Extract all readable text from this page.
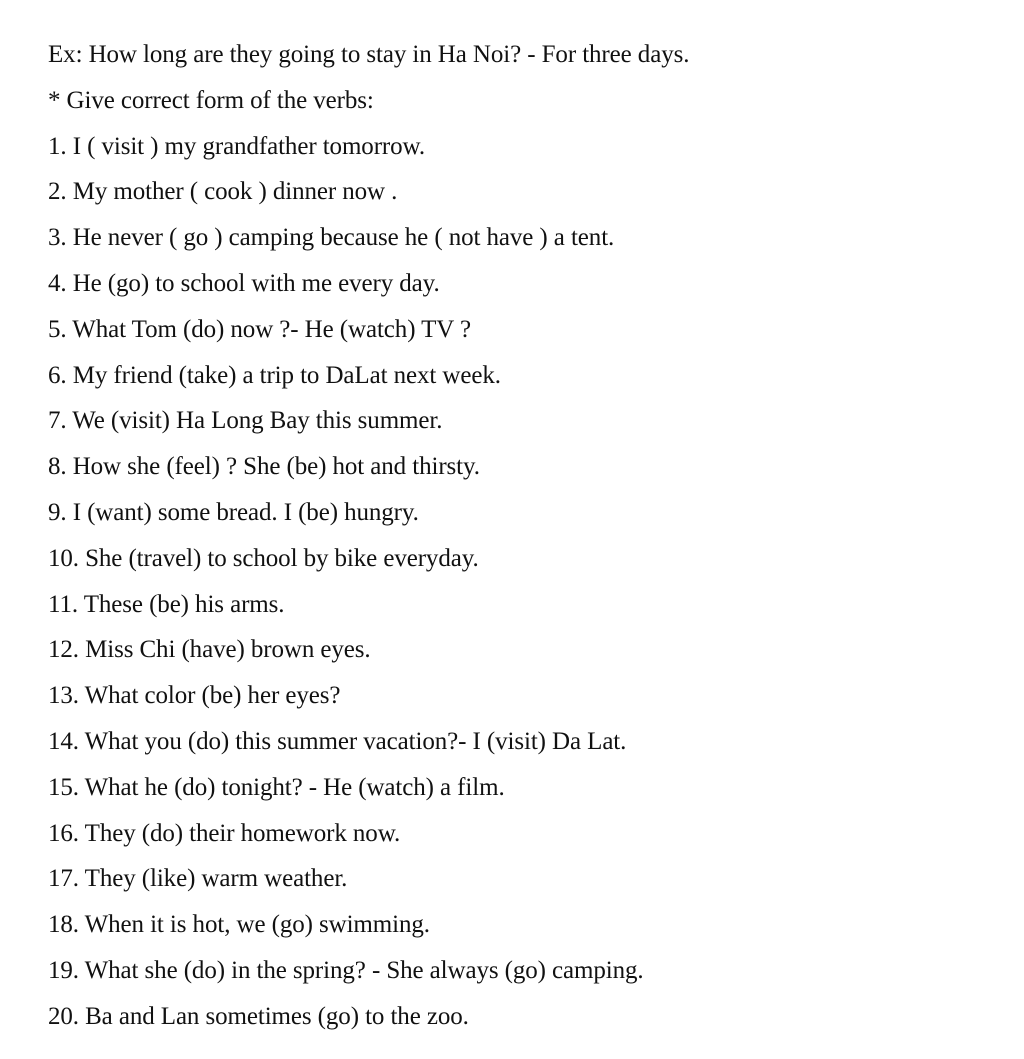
Ex: How long are they going to stay in Ha Noi? - For three days.
* Give correct form of the verbs:
1. I ( visit ) my grandfather tomorrow.
2. My mother ( cook ) dinner now .
3. He never ( go ) camping because he ( not have ) a tent.
4. He (go) to school with me every day.
5. What Tom (do) now ?- He (watch) TV ?
6. My friend (take) a trip to DaLat next week.
7. We (visit) Ha Long Bay this summer.
8. How she (feel) ? She (be) hot and thirsty.
9. I (want) some bread. I (be) hungry.
10. She (travel) to school by bike everyday.
11. These (be) his arms.
12. Miss Chi (have) brown eyes.
13. What color (be) her eyes?
14. What you (do) this summer vacation?- I (visit) Da Lat.
15. What he (do) tonight? - He (watch) a film.
16. They (do) their homework now.
17. They (like) warm weather.
18. When it is hot, we (go) swimming.
19. What she (do) in the spring? - She always (go) camping.
20. Ba and Lan sometimes (go) to the zoo.
